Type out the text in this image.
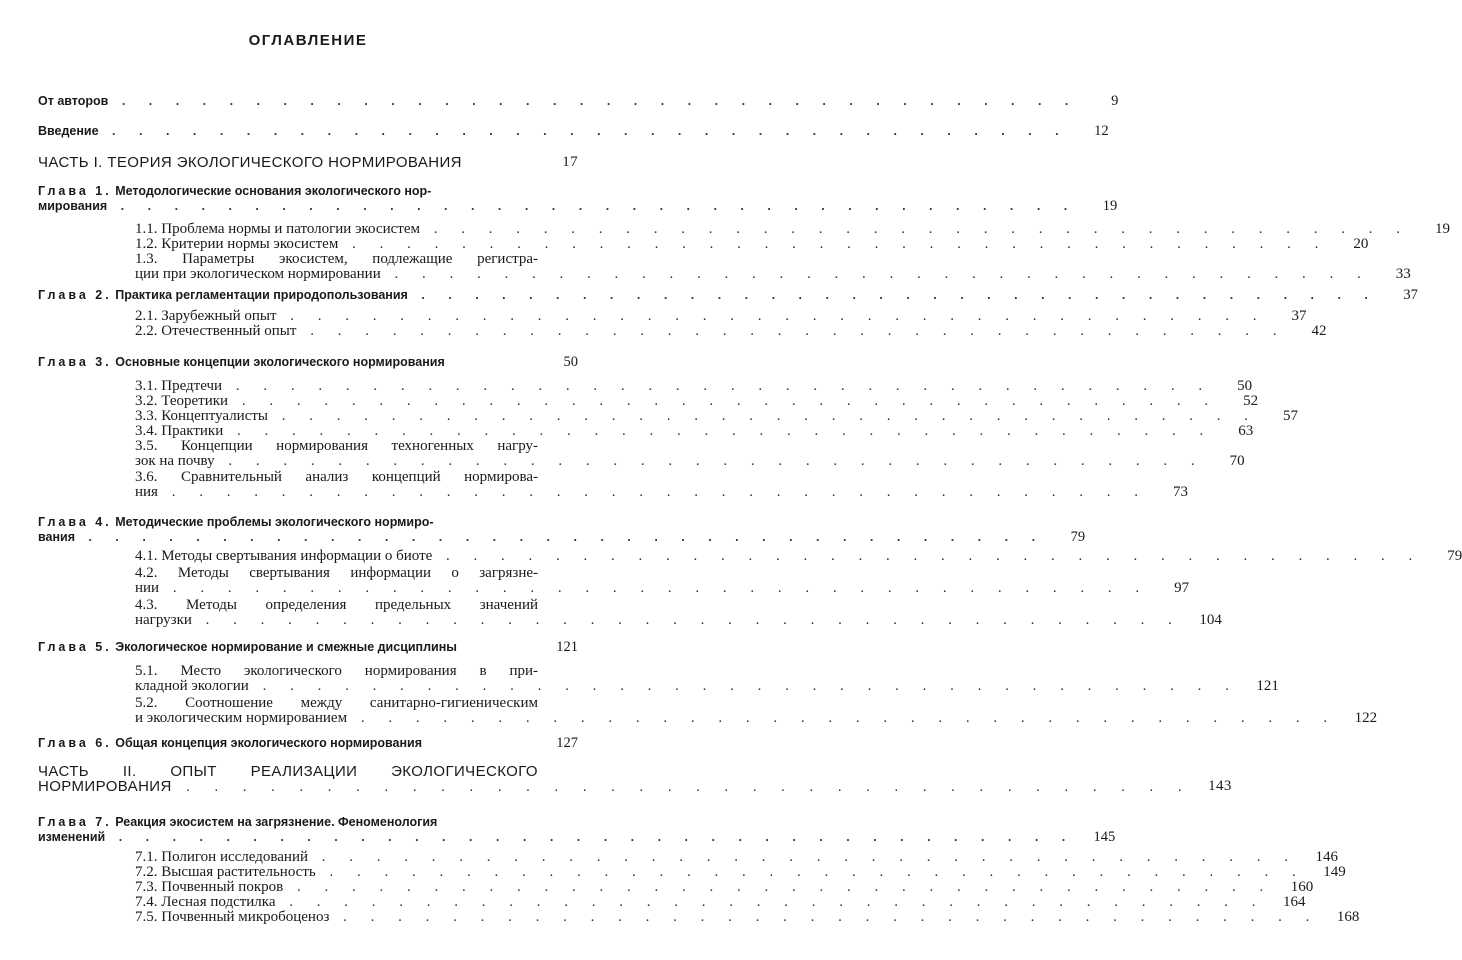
ОГЛАВЛЕНИЕ
От авторов . . . . . . . . . . . . . . . . . . . . . . . . . . . . . . . . . . . .	9
Введение . . . . . . . . . . . . . . . . . . . . . . . . . . . . . . . . . . . .	12
ЧАСТЬ I. ТЕОРИЯ ЭКОЛОГИЧЕСКОГО НОРМИРОВАНИЯ	17
Глава 1. Методологические основания экологического нор-
мирования . . . . . . . . . . . . . . . . . . . . . . . . . . . . . . . . . . . .	19
1.1. Проблема нормы и патологии экосистем . . . . . . . . . . . . . . . . . . . . . . . . . . . . . . . . . . . .	19
1.2. Критерии нормы экосистем . . . . . . . . . . . . . . . . . . . . . . . . . . . . . . . . . . . .	20
1.3. Параметры экосистем, подлежащие регистра-
ции при экологическом нормировании . . . . . . . . . . . . . . . . . . . . . . . . . . . . . . . . . . . .	33
Глава 2. Практика регламентации природопользования . . . . . . . . . . . . . . . . . . . . . . . . . . . . . . . . . . . .	37
2.1. Зарубежный опыт . . . . . . . . . . . . . . . . . . . . . . . . . . . . . . . . . . . .	37
2.2. Отечественный опыт . . . . . . . . . . . . . . . . . . . . . . . . . . . . . . . . . . . .	42
Глава 3. Основные концепции экологического нормирования	50
3.1. Предтечи . . . . . . . . . . . . . . . . . . . . . . . . . . . . . . . . . . . .	50
3.2. Теоретики . . . . . . . . . . . . . . . . . . . . . . . . . . . . . . . . . . . .	52
3.3. Концептуалисты . . . . . . . . . . . . . . . . . . . . . . . . . . . . . . . . . . . .	57
3.4. Практики . . . . . . . . . . . . . . . . . . . . . . . . . . . . . . . . . . . .	63
3.5. Концепции нормирования техногенных нагру-
зок на почву . . . . . . . . . . . . . . . . . . . . . . . . . . . . . . . . . . . .	70
3.6. Сравнительный анализ концепций нормирова-
ния . . . . . . . . . . . . . . . . . . . . . . . . . . . . . . . . . . . .	73
Глава 4. Методические проблемы экологического нормиро-
вания . . . . . . . . . . . . . . . . . . . . . . . . . . . . . . . . . . . .	79
4.1. Методы свертывания информации о биоте . . . . . . . . . . . . . . . . . . . . . . . . . . . . . . . . . . . .	79
4.2. Методы свертывания информации о загрязне-
нии . . . . . . . . . . . . . . . . . . . . . . . . . . . . . . . . . . . .	97
4.3. Методы определения предельных значений
нагрузки . . . . . . . . . . . . . . . . . . . . . . . . . . . . . . . . . . . .	104
Глава 5. Экологическое нормирование и смежные дисциплины	121
5.1. Место экологического нормирования в при-
кладной экологии . . . . . . . . . . . . . . . . . . . . . . . . . . . . . . . . . . . .	121
5.2. Соотношение между санитарно-гигиеническим
и экологическим нормированием . . . . . . . . . . . . . . . . . . . . . . . . . . . . . . . . . . . .	122
Глава 6. Общая концепция экологического нормирования	127
ЧАСТЬ II. ОПЫТ РЕАЛИЗАЦИИ ЭКОЛОГИЧЕСКОГО
НОРМИРОВАНИЯ . . . . . . . . . . . . . . . . . . . . . . . . . . . . . . . . . . . .	143
Глава 7. Реакция экосистем на загрязнение. Феноменология
изменений . . . . . . . . . . . . . . . . . . . . . . . . . . . . . . . . . . . .	145
7.1. Полигон исследований . . . . . . . . . . . . . . . . . . . . . . . . . . . . . . . . . . . .	146
7.2. Высшая растительность . . . . . . . . . . . . . . . . . . . . . . . . . . . . . . . . . . . .	149
7.3. Почвенный покров . . . . . . . . . . . . . . . . . . . . . . . . . . . . . . . . . . . .	160
7.4. Лесная подстилка . . . . . . . . . . . . . . . . . . . . . . . . . . . . . . . . . . . .	164
7.5. Почвенный микробоценоз . . . . . . . . . . . . . . . . . . . . . . . . . . . . . . . . . . . .	168
